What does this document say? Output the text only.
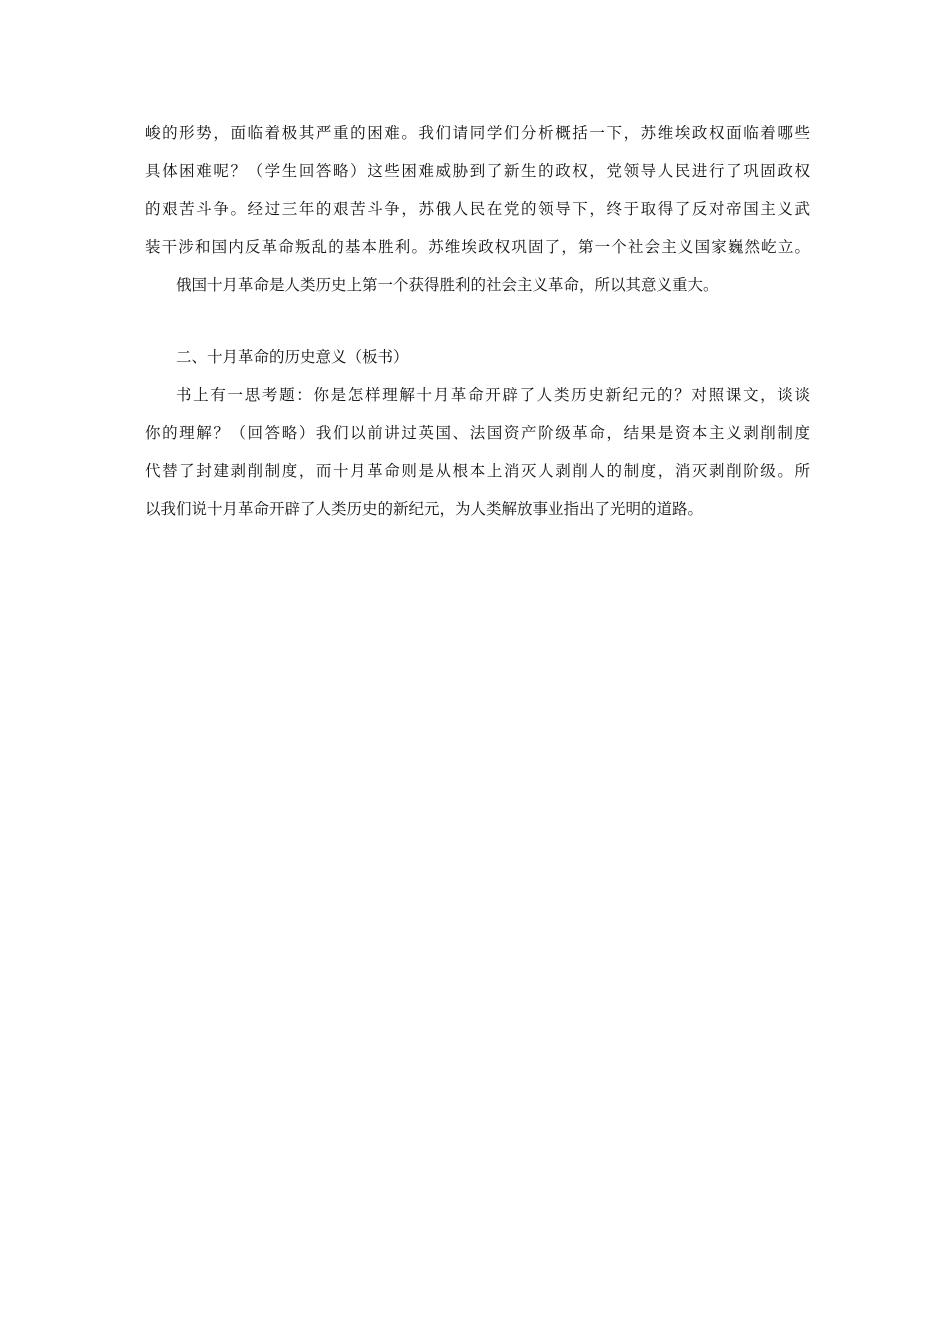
峻的形势，面临着极其严重的困难。我们请同学们分析概括一下，苏维埃政权面临着哪些
具体困难呢？（学生回答略）这些困难威胁到了新生的政权，党领导人民进行了巩固政权
的艰苦斗争。经过三年的艰苦斗争，苏俄人民在党的领导下，终于取得了反对帝国主义武
装干涉和国内反革命叛乱的基本胜利。苏维埃政权巩固了，第一个社会主义国家巍然屹立。
俄国十月革命是人类历史上第一个获得胜利的社会主义革命，所以其意义重大。
二、十月革命的历史意义（板书）
书上有一思考题：你是怎样理解十月革命开辟了人类历史新纪元的？对照课文，谈谈
你的理解？（回答略）我们以前讲过英国、法国资产阶级革命，结果是资本主义剥削制度
代替了封建剥削制度，而十月革命则是从根本上消灭人剥削人的制度，消灭剥削阶级。所
以我们说十月革命开辟了人类历史的新纪元，为人类解放事业指出了光明的道路。
